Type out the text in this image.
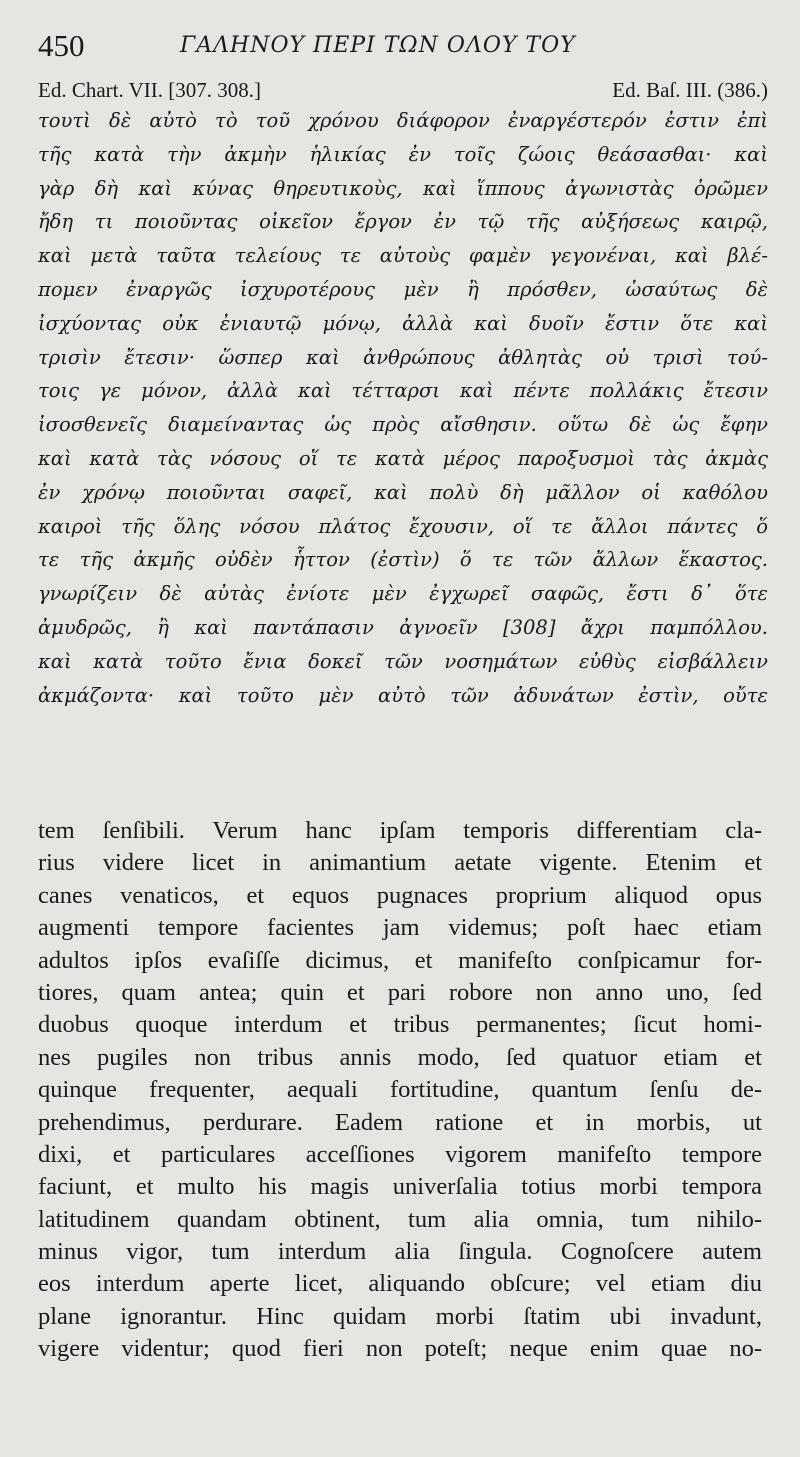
450	ΓΑΛΗΝΟΥ ΠΕΡΙ ΤΩΝ ΟΛΟΥ ΤΟΥ
Ed. Chart. VII. [307. 308.]	Ed. Baſ. III. (386.)
τουτὶ δὲ αὐτὸ τὸ τοῦ χρόνου διάφορον ἐναργέστερόν ἐστιν ἐπὶ
τῆς κατὰ τὴν ἀκμὴν ἡλικίας ἐν τοῖς ζώοις θεάσασθαι· καὶ
γὰρ δὴ καὶ κύνας θηρευτικοὺς, καὶ ἵππους ἀγωνιστὰς ὁρῶμεν
ἤδη τι ποιοῦντας οἰκεῖον ἔργον ἐν τῷ τῆς αὐξήσεως καιρῷ,
καὶ μετὰ ταῦτα τελείους τε αὐτοὺς φαμὲν γεγονέναι, καὶ βλέ-
πομεν ἐναργῶς ἰσχυροτέρους μὲν ἢ πρόσθεν, ὡσαύτως δὲ
ἰσχύοντας οὐκ ἐνιαυτῷ μόνῳ, ἀλλὰ καὶ δυοῖν ἔστιν ὅτε καὶ
τρισὶν ἔτεσιν· ὥσπερ καὶ ἀνθρώπους ἀθλητὰς οὐ τρισὶ τού-
τοις γε μόνον, ἀλλὰ καὶ τέτταρσι καὶ πέντε πολλάκις ἔτεσιν
ἰσοσθενεῖς διαμείναντας ὡς πρὸς αἴσθησιν. οὕτω δὲ ὡς ἔφην
καὶ κατὰ τὰς νόσους οἵ τε κατὰ μέρος παροξυσμοὶ τὰς ἀκμὰς
ἐν χρόνῳ ποιοῦνται σαφεῖ, καὶ πολὺ δὴ μᾶλλον οἱ καθόλου
καιροὶ τῆς ὅλης νόσου πλάτος ἔχουσιν, οἵ τε ἄλλοι πάντες ὅ
τε τῆς ἀκμῆς οὐδὲν ἧττον (ἐστὶν) ὅ τε τῶν ἄλλων ἕκαστος.
γνωρίζειν δὲ αὐτὰς ἐνίοτε μὲν ἐγχωρεῖ σαφῶς, ἔστι δ᾽ ὅτε
ἀμυδρῶς, ἢ καὶ παντάπασιν ἀγνοεῖν [308] ἄχρι παμπόλλου.
καὶ κατὰ τοῦτο ἔνια δοκεῖ τῶν νοσημάτων εὐθὺς εἰσβάλλειν
ἀκμάζοντα· καὶ τοῦτο μὲν αὐτὸ τῶν ἀδυνάτων ἐστὶν, οὔτε
tem ſenſibili. Verum hanc ipſam temporis differentiam cla-
rius videre licet in animantium aetate vigente. Etenim et
canes venaticos, et equos pugnaces proprium aliquod opus
augmenti tempore facientes jam videmus; poſt haec etiam
adultos ipſos evaſiſſe dicimus, et manifeſto conſpicamur for-
tiores, quam antea; quin et pari robore non anno uno, ſed
duobus quoque interdum et tribus permanentes; ſicut homi-
nes pugiles non tribus annis modo, ſed quatuor etiam et
quinque frequenter, aequali fortitudine, quantum ſenſu de-
prehendimus, perdurare. Eadem ratione et in morbis, ut
dixi, et particulares acceſſiones vigorem manifeſto tempore
faciunt, et multo his magis univerſalia totius morbi tempora
latitudinem quandam obtinent, tum alia omnia, tum nihilo-
minus vigor, tum interdum alia ſingula. Cognoſcere autem
eos interdum aperte licet, aliquando obſcure; vel etiam diu
plane ignorantur. Hinc quidam morbi ſtatim ubi invadunt,
vigere videntur; quod fieri non poteſt; neque enim quae no-
